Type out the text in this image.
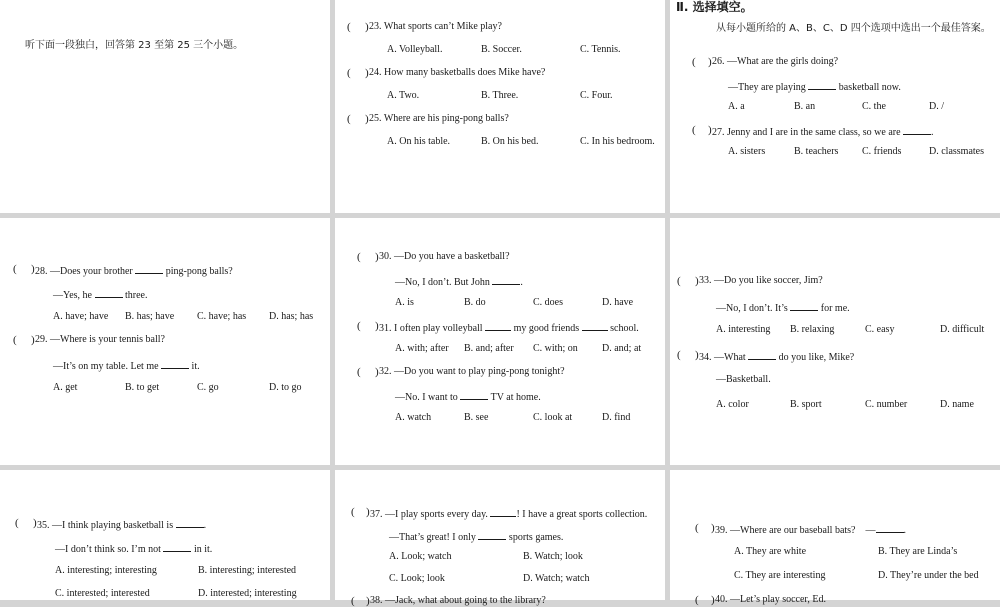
听下面一段独白，回答第 23 至第 25 三个小题。
( ) 23. What sports can’t Mike play?
A. Volleyball.	B. Soccer.	C. Tennis.
( ) 24. How many basketballs does Mike have?
A. Two.	B. Three.	C. Four.
( ) 25. Where are his ping-pong balls?
A. On his table.	B. On his bed.	C. In his bedroom.
Ⅱ. 选择填空。
从每小题所给的 A、B、C、D 四个选项中选出一个最佳答案。
( ) 26. —What are the girls doing?
—They are playing	basketball now.
A. a	B. an	C. the	D. /
( ) 27. Jenny and I are in the same class, so we are	.
A. sisters	B. teachers C. friends	D. classmates
( ) 28. —Does your brother	ping-pong balls?
—Yes, he	three.
A. have; have B. has; have C. have; has D. has; has
( ) 29. —Where is your tennis ball?
—It’s on my table. Let me	it.
A. get	B. to get	C. go	D. to go
( ) 30. —Do you have a basketball?
—No, I don’t. But John	.
A. is	B. do	C. does	D. have
( ) 31. I often play volleyball	my good friends	school.
A. with; after B. and; after C. with; on D. and; at
( ) 32. —Do you want to play ping-pong tonight?
—No. I want to	TV at home.
A. watch	B. see	C. look at	D. find
( ) 33. —Do you like soccer, Jim?
—No, I don’t. It’s	for me.
A. interesting B. relaxing	C. easy	D. difficult
( ) 34. —What	do you like, Mike?
—Basketball.
A. color	B. sport	C. number	D. name
( ) 35. —I think playing basketball is	.
—I don’t think so. I’m not	in it.
A. interesting; interesting	B. interesting; interested
C. interested; interested	D. interested; interesting
( ) 37. —I play sports every day.	! I have a great sports collection.
—That’s great! I only	sports games.
A. Look; watch	B. Watch; look
C. Look; look	D. Watch; watch
( ) 38. —Jack, what about going to the library?
( ) 39. —Where are our baseball bats? —	.
A. They are white	B. They are Linda’s
C. They are interesting	D. They’re under the bed
( ) 40. —Let’s play soccer, Ed.
